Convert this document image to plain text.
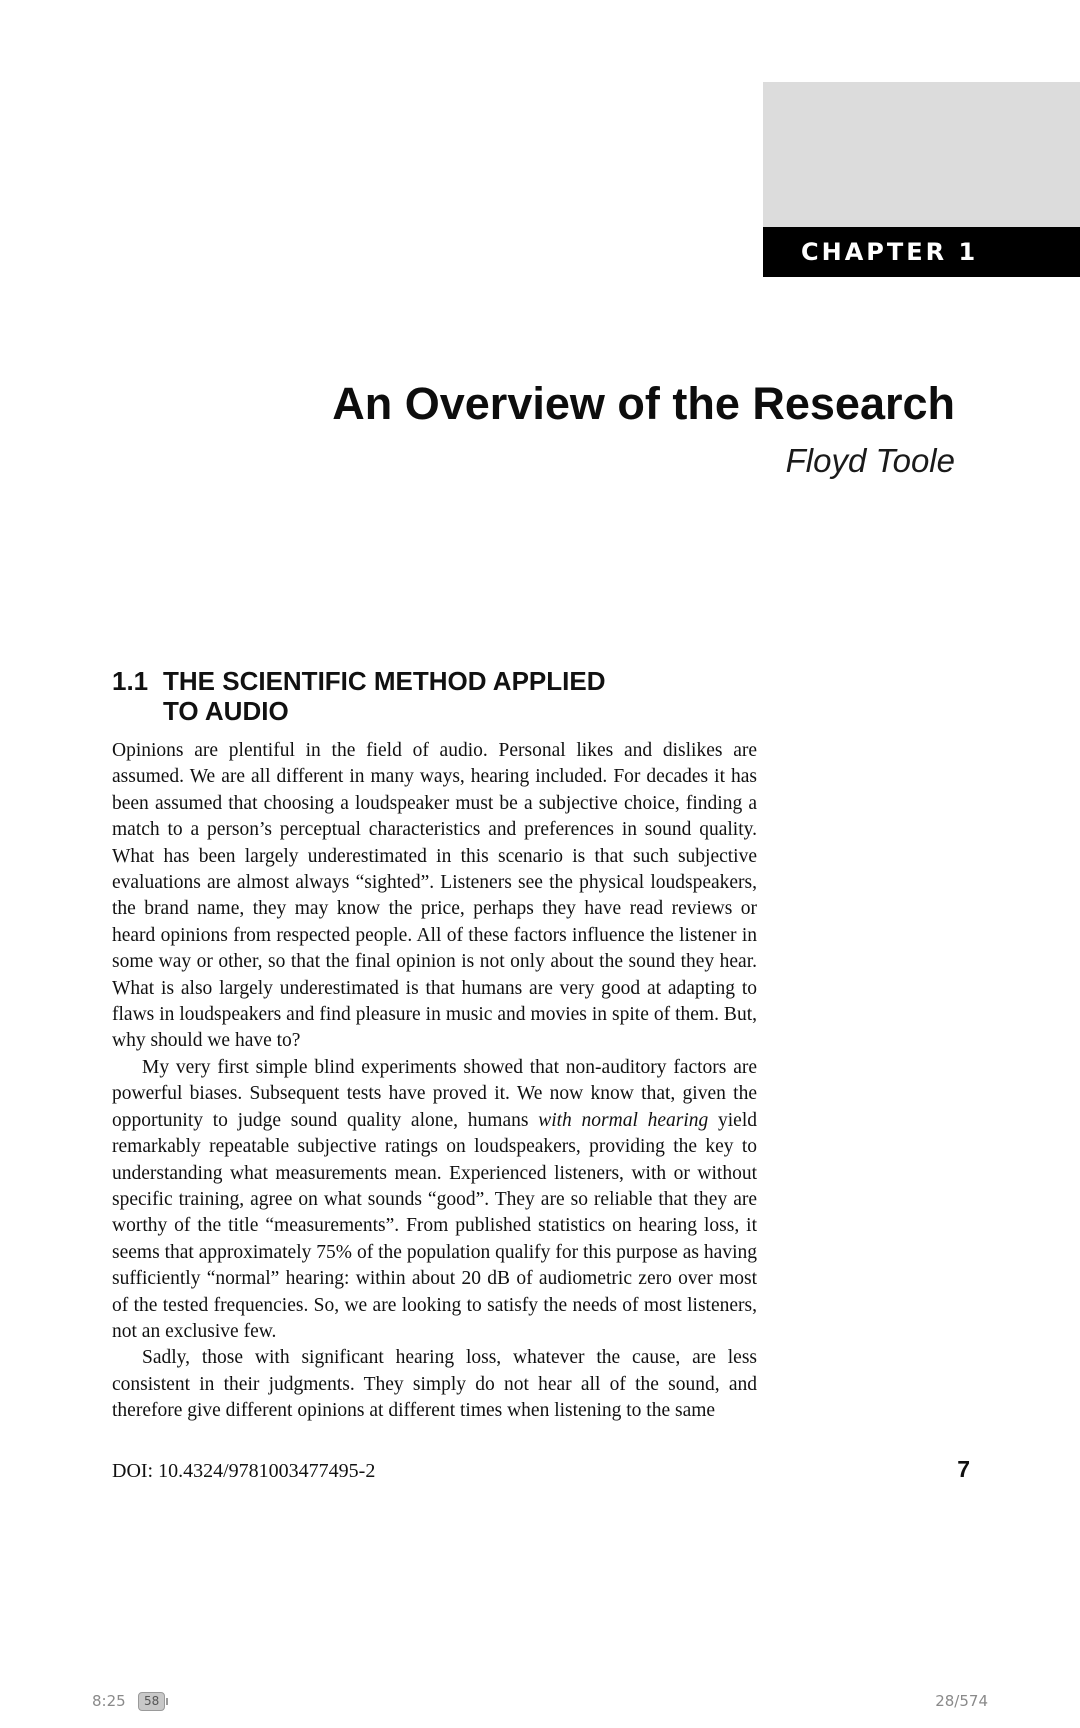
CHAPTER 1
An Overview of the Research
Floyd Toole
1.1 THE SCIENTIFIC METHOD APPLIED
TO AUDIO

Opinions are plentiful in the field of audio. Personal likes and dislikes are assumed. We are all different in many ways, hearing included. For decades it has been assumed that choosing a loudspeaker must be a subjective choice, finding a match to a person’s perceptual characteristics and preferences in sound quality. What has been largely underestimated in this scenario is that such subjective evaluations are almost always “sighted”. Listeners see the physical loudspeakers, the brand name, they may know the price, perhaps they have read reviews or heard opinions from respected people. All of these factors influence the listener in some way or other, so that the final opinion is not only about the sound they hear. What is also largely underestimated is that humans are very good at adapting to flaws in loudspeakers and find pleasure in music and movies in spite of them. But, why should we have to?

My very first simple blind experiments showed that non-auditory factors are powerful biases. Subsequent tests have proved it. We now know that, given the opportunity to judge sound quality alone, humans with normal hearing yield remarkably repeatable subjective ratings on loudspeakers, providing the key to understanding what measurements mean. Experienced listeners, with or without specific training, agree on what sounds “good”. They are so reliable that they are worthy of the title “measurements”. From published statistics on hearing loss, it seems that approximately 75% of the population qualify for this purpose as having sufficiently “normal” hearing: within about 20 dB of audiometric zero over most of the tested frequencies. So, we are looking to satisfy the needs of most listeners, not an exclusive few.

Sadly, those with significant hearing loss, whatever the cause, are less consistent in their judgments. They simply do not hear all of the sound, and therefore give different opinions at different times when listening to the same

DOI: 10.4324/9781003477495-2	7
8:25	58	28/574
